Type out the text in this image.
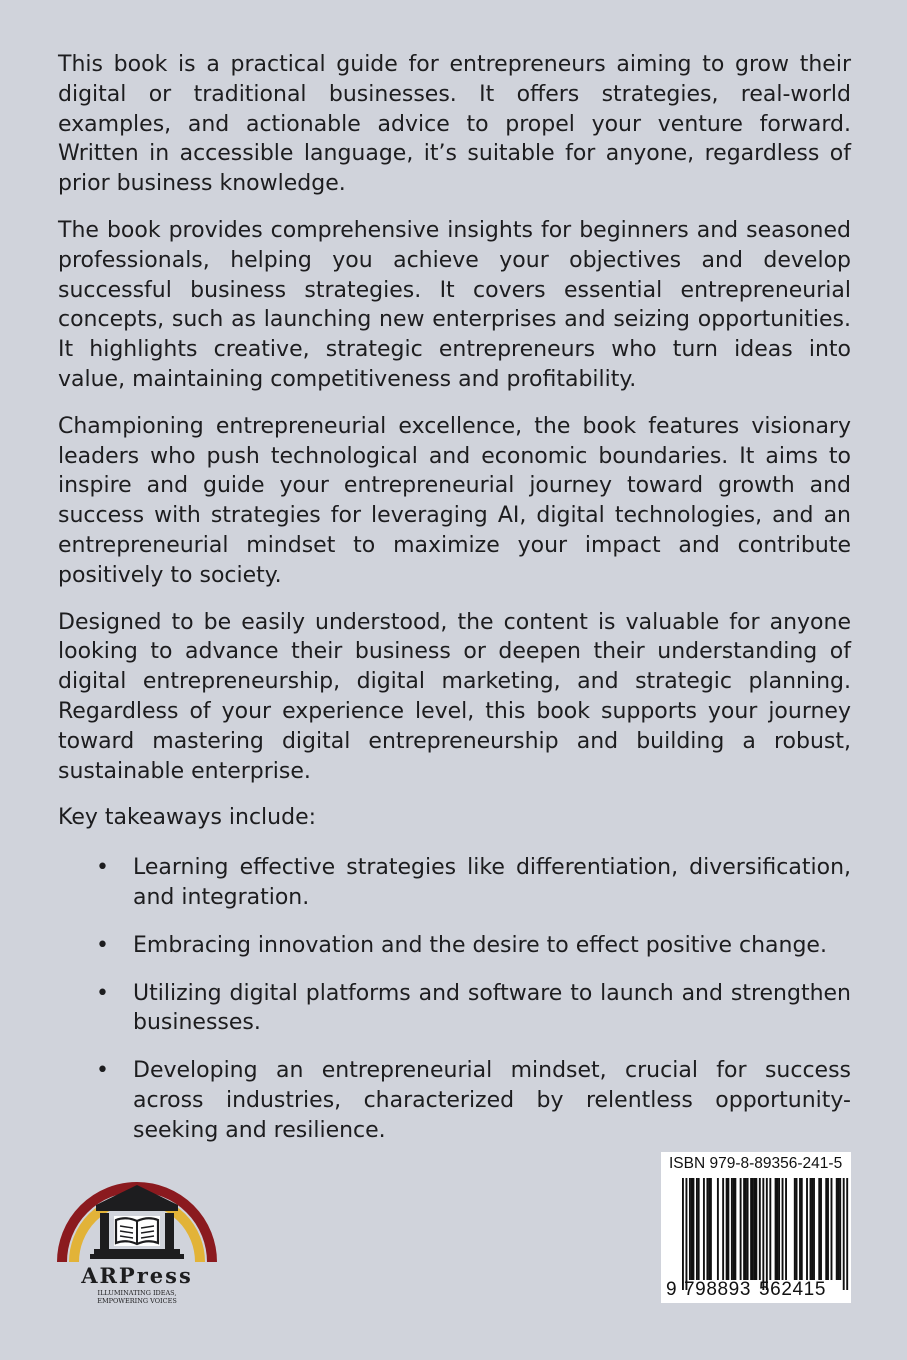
This book is a practical guide for entrepreneurs aiming to grow their digital or traditional businesses. It offers strategies, real-world examples, and actionable advice to propel your venture forward. Written in accessible language, it’s suitable for anyone, regardless of prior business knowledge.

The book provides comprehensive insights for beginners and seasoned professionals, helping you achieve your objectives and develop successful business strategies. It covers essential entrepreneurial concepts, such as launching new enterprises and seizing opportunities. It highlights creative, strategic entrepreneurs who turn ideas into value, maintaining competitiveness and profitability.

Championing entrepreneurial excellence, the book features visionary leaders who push technological and economic boundaries. It aims to inspire and guide your entrepreneurial journey toward growth and success with strategies for leveraging AI, digital technologies, and an entrepreneurial mindset to maximize your impact and contribute positively to society.

Designed to be easily understood, the content is valuable for anyone looking to advance their business or deepen their understanding of digital entrepreneurship, digital marketing, and strategic planning. Regardless of your experience level, this book supports your journey toward mastering digital entrepreneurship and building a robust, sustainable enterprise.

Key takeaways include:

• Learning effective strategies like differentiation, diversification, and integration.
• Embracing innovation and the desire to effect positive change.
• Utilizing digital platforms and software to launch and strengthen businesses.
• Developing an entrepreneurial mindset, crucial for success across industries, characterized by relentless opportunity-seeking and resilience.
ARPress
ILLUMINATING IDEAS,
EMPOWERING VOICES
ISBN 979-8-89356-241-5
9 798893 562415
